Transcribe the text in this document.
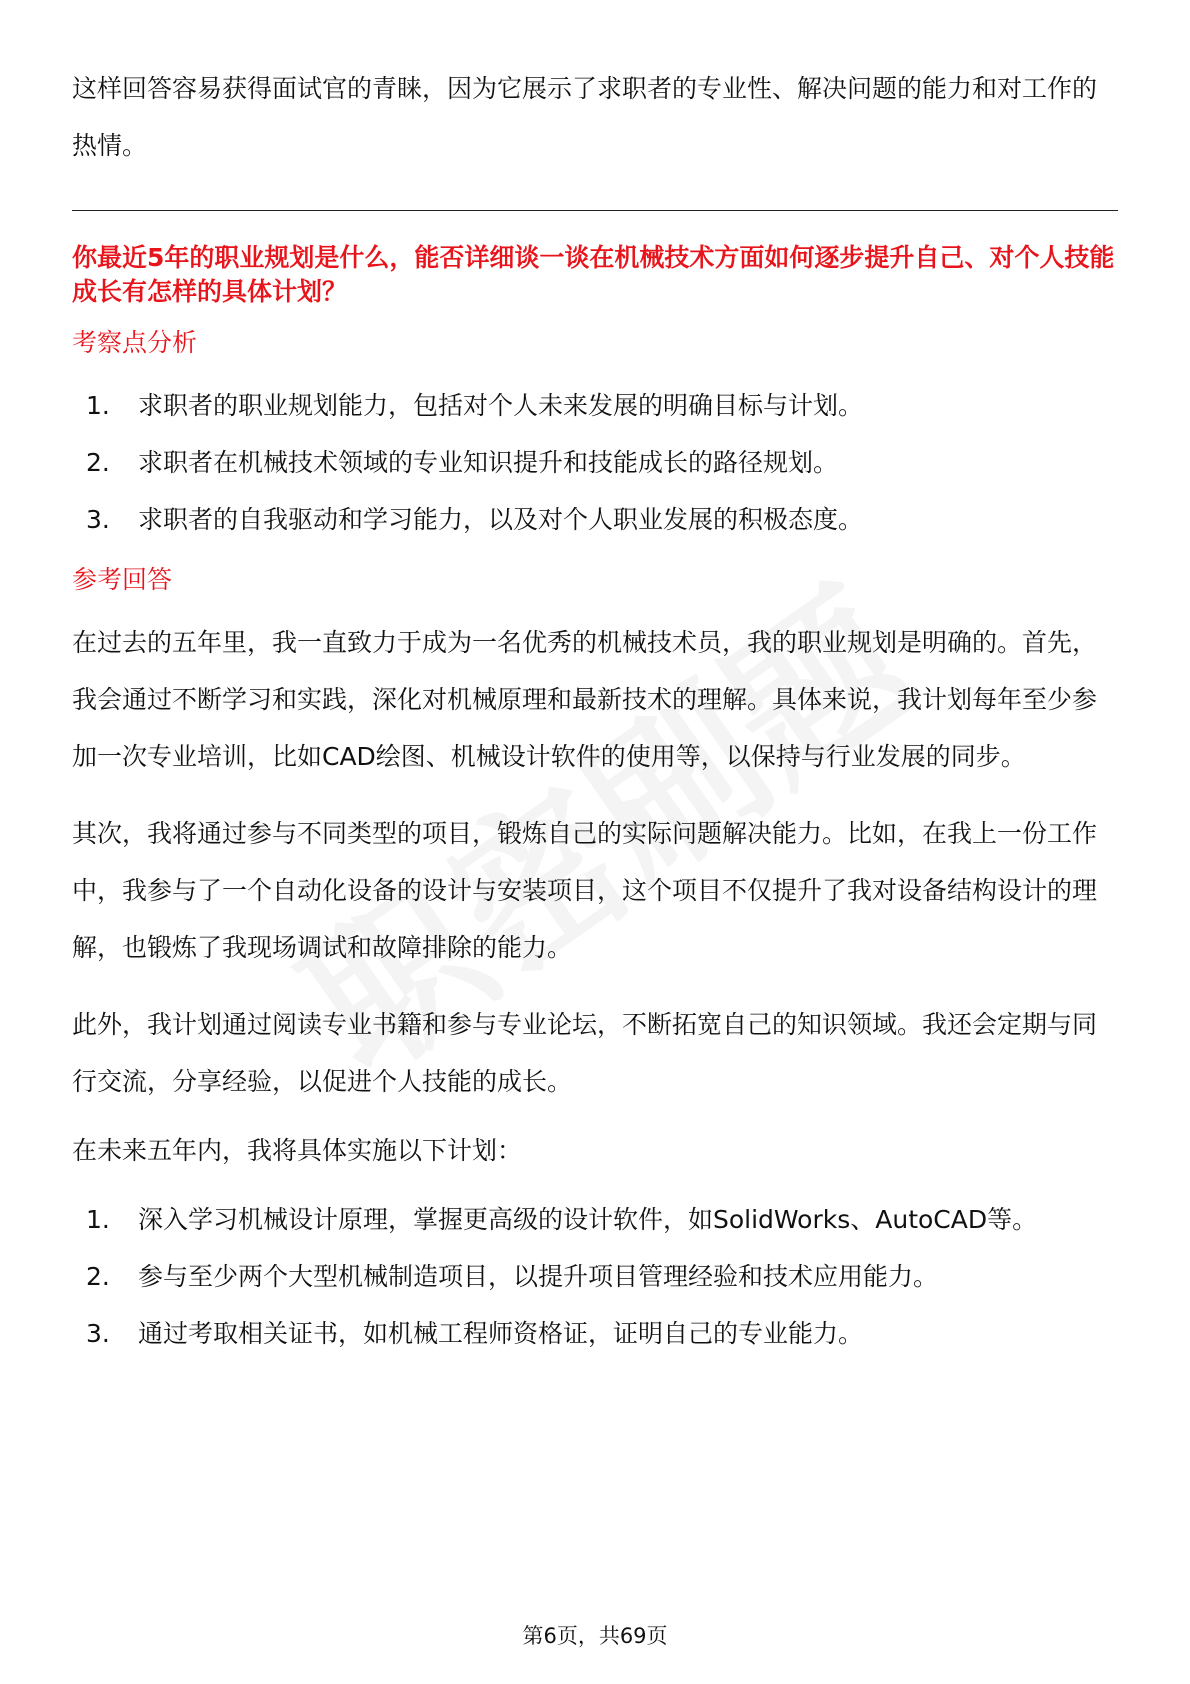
这样回答容易获得面试官的青睐，因为它展示了求职者的专业性、解决问题的能力和对工作的热情。

你最近5年的职业规划是什么，能否详细谈一谈在机械技术方面如何逐步提升自己、对个人技能成长有怎样的具体计划？

考察点分析
1.	求职者的职业规划能力，包括对个人未来发展的明确目标与计划。
2.	求职者在机械技术领域的专业知识提升和技能成长的路径规划。
3.	求职者的自我驱动和学习能力，以及对个人职业发展的积极态度。
参考回答

在过去的五年里，我一直致力于成为一名优秀的机械技术员，我的职业规划是明确的。首先，我会通过不断学习和实践，深化对机械原理和最新技术的理解。具体来说，我计划每年至少参加一次专业培训，比如CAD绘图、机械设计软件的使用等，以保持与行业发展的同步。

其次，我将通过参与不同类型的项目，锻炼自己的实际问题解决能力。比如，在我上一份工作中，我参与了一个自动化设备的设计与安装项目，这个项目不仅提升了我对设备结构设计的理解，也锻炼了我现场调试和故障排除的能力。

此外，我计划通过阅读专业书籍和参与专业论坛，不断拓宽自己的知识领域。我还会定期与同行交流，分享经验，以促进个人技能的成长。

在未来五年内，我将具体实施以下计划：

1.	深入学习机械设计原理，掌握更高级的设计软件，如SolidWorks、AutoCAD等。
2.	参与至少两个大型机械制造项目，以提升项目管理经验和技术应用能力。
3.	通过考取相关证书，如机械工程师资格证，证明自己的专业能力。
第6页，共69页
